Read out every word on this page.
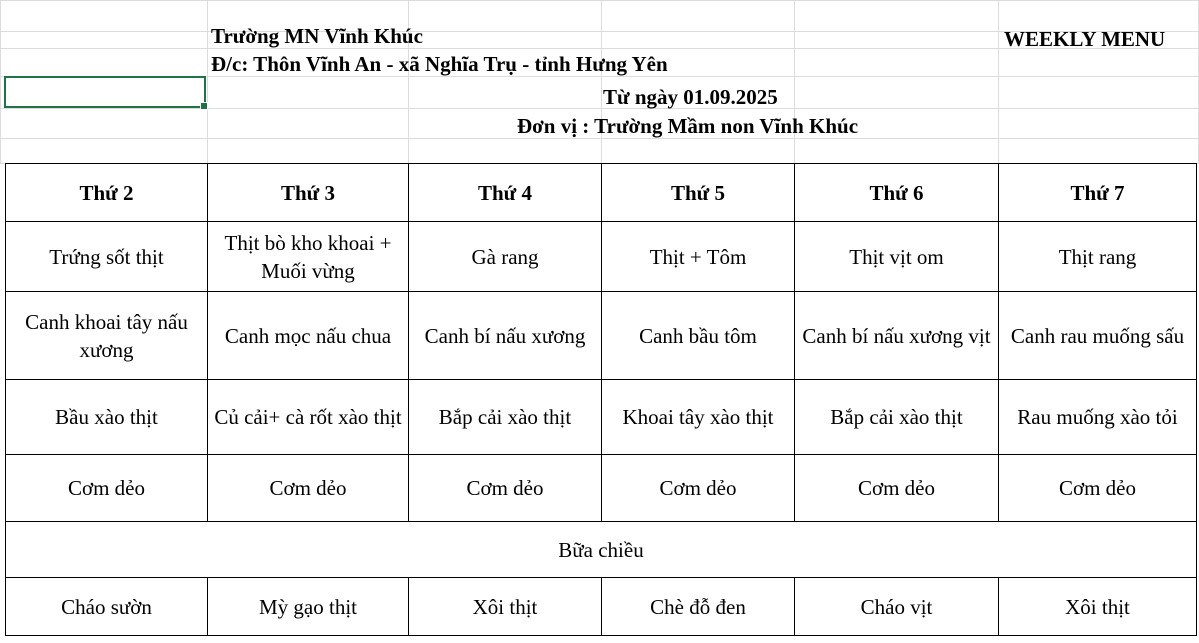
Trường MN Vĩnh Khúc
Đ/c: Thôn Vĩnh An - xã Nghĩa Trụ - tỉnh Hưng Yên
WEEKLY MENU
Từ ngày 01.09.2025
Đơn vị : Trường Mầm non Vĩnh Khúc
Thứ 2	Thứ 3	Thứ 4	Thứ 5	Thứ 6	Thứ 7
Trứng sốt thịt	Thịt bò kho khoai + Muối vừng	Gà rang	Thịt + Tôm	Thịt vịt om	Thịt rang
Canh khoai tây nấu xương	Canh mọc nấu chua	Canh bí nấu xương	Canh bầu tôm	Canh bí nấu xương vịt	Canh rau muống sấu
Bầu xào thịt	Củ cải+ cà rốt xào thịt	Bắp cải xào thịt	Khoai tây xào thịt	Bắp cải xào thịt	Rau muống xào tỏi
Cơm dẻo	Cơm dẻo	Cơm dẻo	Cơm dẻo	Cơm dẻo	Cơm dẻo
Bữa chiều					
Cháo sườn	Mỳ gạo thịt	Xôi thịt	Chè đỗ đen	Cháo vịt	Xôi thịt
